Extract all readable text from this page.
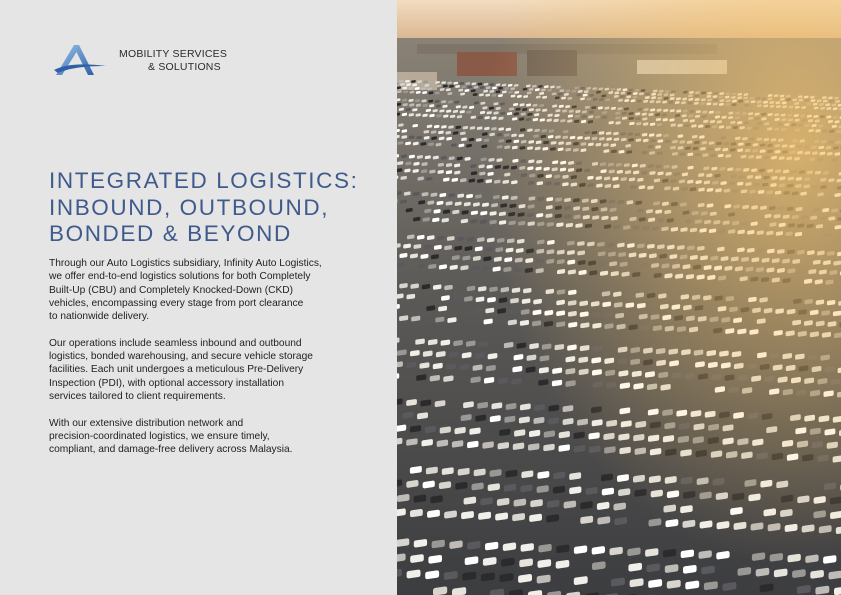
MOBILITY SERVICES
& SOLUTIONS
INTEGRATED LOGISTICS:
INBOUND, OUTBOUND,
BONDED & BEYOND

Through our Auto Logistics subsidiary, Infinity Auto Logistics,
we offer end-to-end logistics solutions for both Completely
Built-Up (CBU) and Completely Knocked-Down (CKD)
vehicles, encompassing every stage from port clearance
to nationwide delivery.

Our operations include seamless inbound and outbound
logistics, bonded warehousing, and secure vehicle storage
facilities. Each unit undergoes a meticulous Pre-Delivery
Inspection (PDI), with optional accessory installation
services tailored to client requirements.

With our extensive distribution network and
precision-coordinated logistics, we ensure timely,
compliant, and damage-free delivery across Malaysia.
